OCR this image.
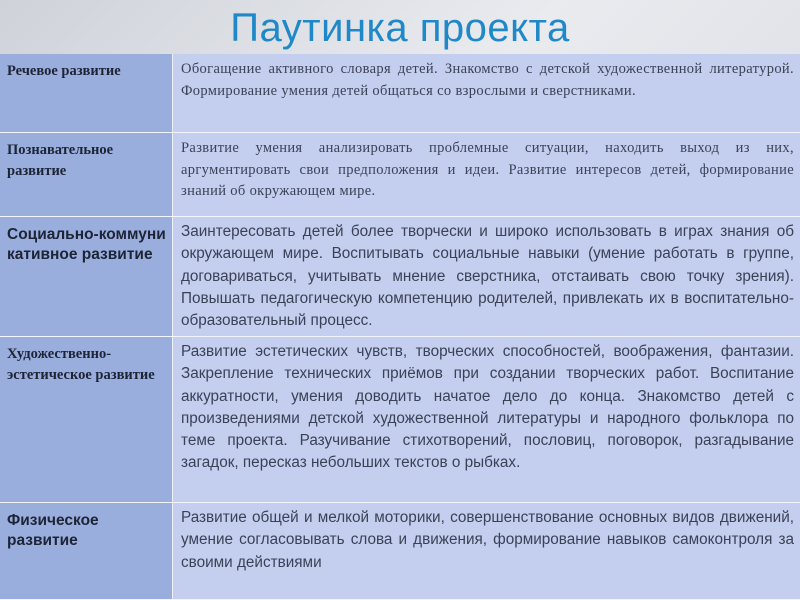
Паутинка проекта
Речевое развитие	Обогащение активного словаря детей. Знакомство с детской художественной литературой. Формирование умения детей общаться со взрослыми и сверстниками.
Познавательное развитие
Развитие умения анализировать проблемные ситуации, находить выход из них, аргументировать свои предположения и идеи. Развитие интересов детей, формирование знаний об окружающем мире.
Социально-коммуникативное развитие
Заинтересовать детей более творчески и широко использовать в играх знания об окружающем мире. Воспитывать социальные навыки (умение работать в группе, договариваться, учитывать мнение сверстника, отстаивать свою точку зрения). Повышать педагогическую компетенцию родителей, привлекать их в воспитательно-образовательный процесс.
Художественно-эстетическое развитие
Развитие эстетических чувств, творческих способностей, воображения, фантазии. Закрепление технических приёмов при создании творческих работ. Воспитание аккуратности, умения доводить начатое дело до конца. Знакомство детей с произведениями детской художественной литературы и народного фольклора по теме проекта. Разучивание стихотворений, пословиц, поговорок, разгадывание загадок, пересказ небольших текстов о рыбках.
Физическое развитие
Развитие общей и мелкой моторики, совершенствование основных видов движений, умение согласовывать слова и движения, формирование навыков самоконтроля за своими действиями
